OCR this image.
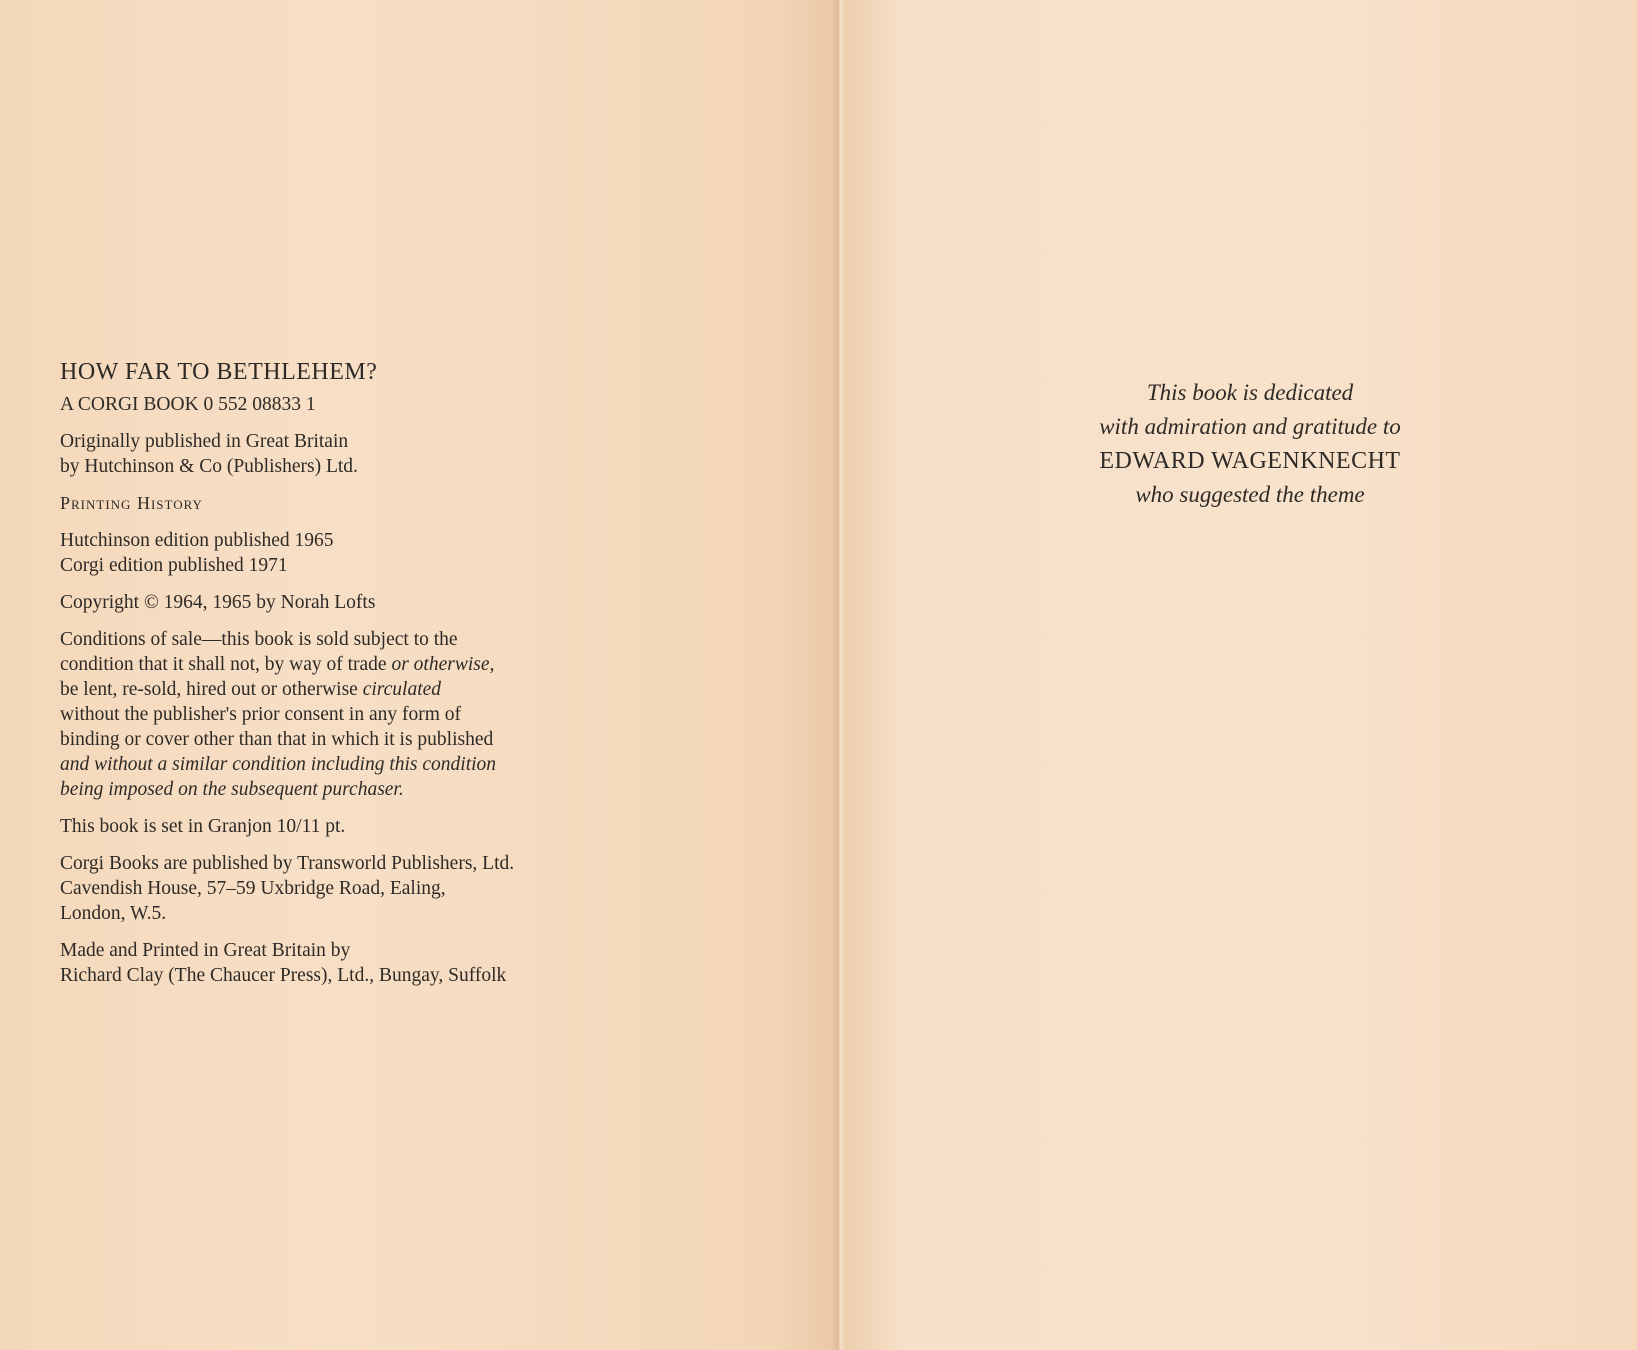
HOW FAR TO BETHLEHEM?

A CORGI BOOK 0 552 08833 1

Originally published in Great Britain
by Hutchinson & Co (Publishers) Ltd.

Printing History

Hutchinson edition published 1965
Corgi edition published 1971

Copyright © 1964, 1965 by Norah Lofts

Conditions of sale—this book is sold subject to the
condition that it shall not, by way of trade or otherwise,
be lent, re-sold, hired out or otherwise circulated
without the publisher's prior consent in any form of
binding or cover other than that in which it is published
and without a similar condition including this condition
being imposed on the subsequent purchaser.

This book is set in Granjon 10/11 pt.

Corgi Books are published by Transworld Publishers, Ltd.
Cavendish House, 57–59 Uxbridge Road, Ealing,
London, W.5.
Made and Printed in Great Britain by
Richard Clay (The Chaucer Press), Ltd., Bungay, Suffolk
This book is dedicated
with admiration and gratitude to
EDWARD WAGENKNECHT
who suggested the theme
